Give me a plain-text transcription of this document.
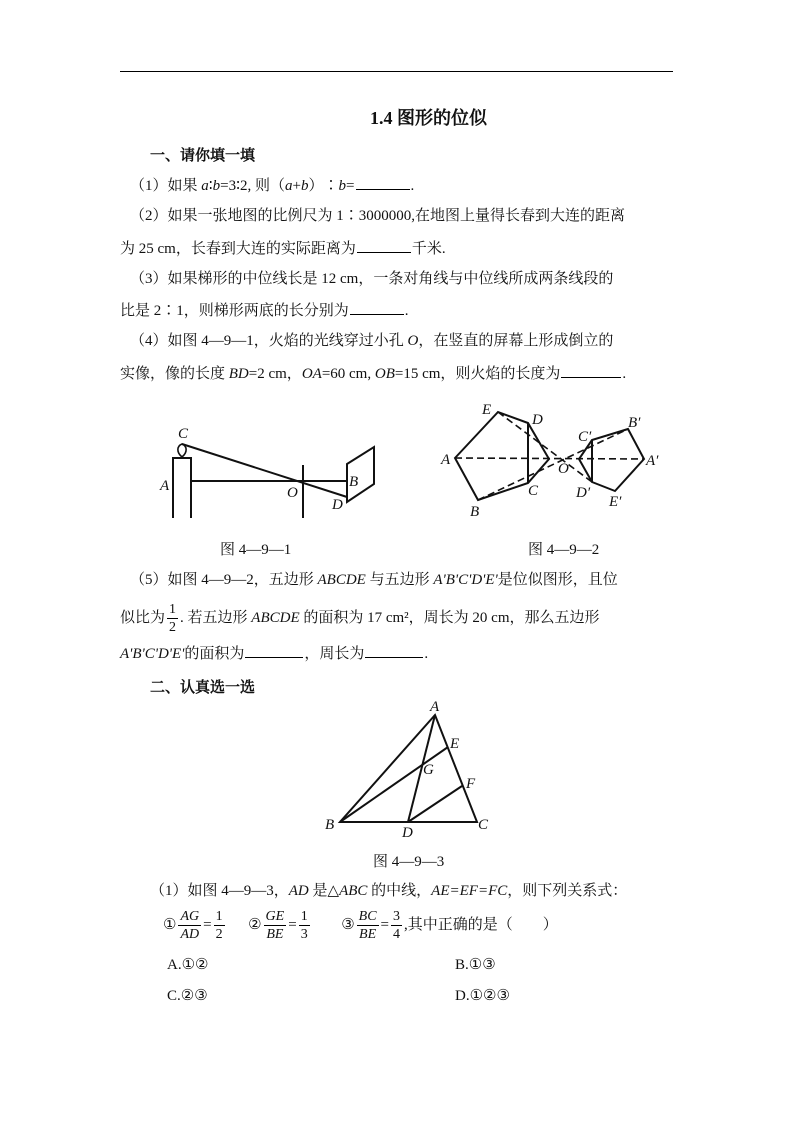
1.4 图形的位似
一、请你填一填
（1）如果 a∶b=3∶2, 则（a+b）∶b=	.
（2）如果一张地图的比例尺为 1∶3000000,在地图上量得长春到大连的距离
为 25 cm，长春到大连的实际距离为	千米.
（3）如果梯形的中位线长是 12 cm，一条对角线与中位线所成两条线段的
比是 2∶1，则梯形两底的长分别为	.
（4）如图 4—9—1，火焰的光线穿过小孔 O，在竖直的屏幕上形成倒立的
实像，像的长度 BD=2 cm，OA=60 cm, OB=15 cm，则火焰的长度为	.
C
A	O
B
D
E
D
A
C
B
O
C′
B′
A′
D′
E′
A
E
G
F
B	D	C
图 4—9—1	图 4—9—2
（5）如图 4—9—2，五边形 ABCDE 与五边形 A'B'C'D'E'是位似图形，且位
似比为 $\frac{1}{2}$ . 若五边形 ABCDE 的面积为 17 cm²，周长为 20 cm，那么五边形
A'B'C'D'E'的面积为	，周长为	.
二、认真选一选
图 4—9—3
（1）如图 4—9—3，AD 是△ABC 的中线，AE=EF=FC，则下列关系式：
① $\frac{AG}{AD} = \frac{1}{2}$ ② $\frac{GE}{BE} = \frac{1}{3}$ ③ $\frac{BC}{BE} = \frac{3}{4}$ ,其中正确的是（　　）
A.①②	B.①③
C.②③	D.①②③
